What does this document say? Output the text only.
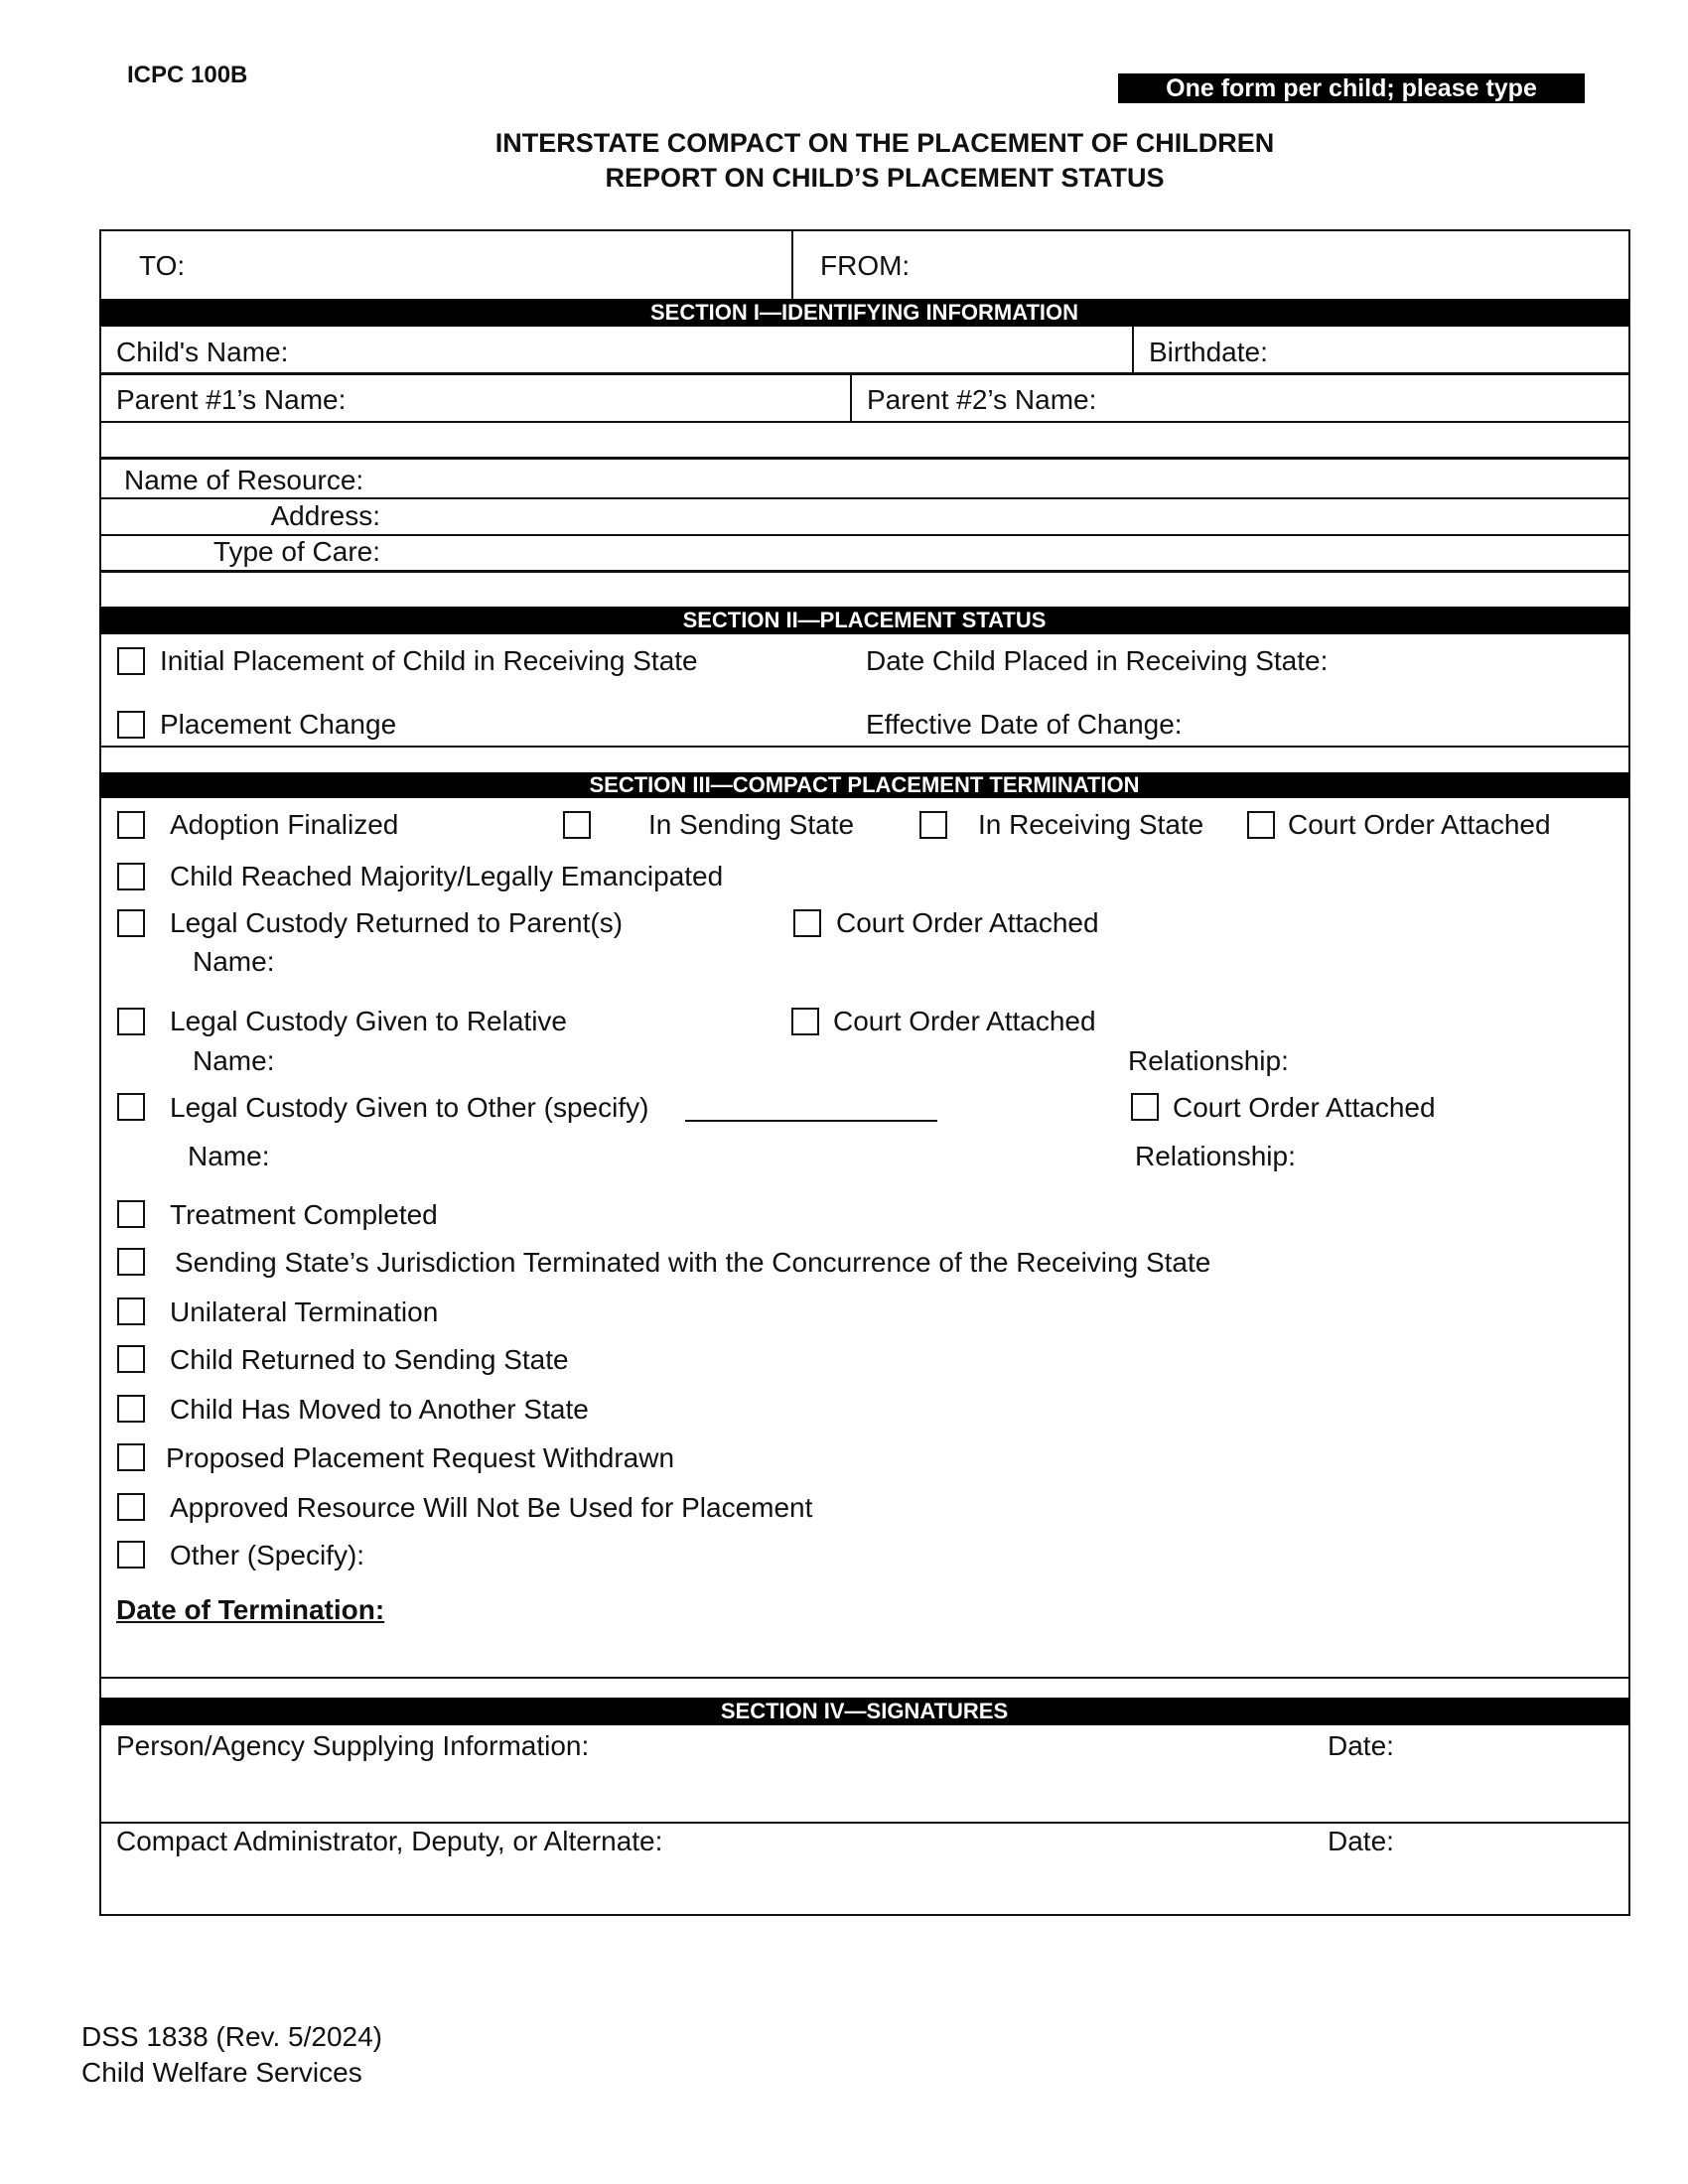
ICPC 100B	One form per child; please type
INTERSTATE COMPACT ON THE PLACEMENT OF CHILDREN
REPORT ON CHILD’S PLACEMENT STATUS
TO:	FROM:
SECTION I—IDENTIFYING INFORMATION
Child's Name:	Birthdate:
Parent #1’s Name:	Parent #2’s Name:
Name of Resource:
Address:
Type of Care:
SECTION II—PLACEMENT STATUS
Initial Placement of Child in Receiving State	Date Child Placed in Receiving State:
Placement Change	Effective Date of Change:
SECTION III—COMPACT PLACEMENT TERMINATION
Adoption Finalized	In Sending State	In Receiving State	Court Order Attached
Child Reached Majority/Legally Emancipated
Legal Custody Returned to Parent(s)	Court Order Attached
Name:
Legal Custody Given to Relative	Court Order Attached
Name:	Relationship:
Legal Custody Given to Other (specify)	Court Order Attached
Name:	Relationship:
Treatment Completed
Sending State’s Jurisdiction Terminated with the Concurrence of the Receiving State
Unilateral Termination
Child Returned to Sending State
Child Has Moved to Another State
Proposed Placement Request Withdrawn
Approved Resource Will Not Be Used for Placement
Other (Specify):
Date of Termination:
SECTION IV—SIGNATURES
Person/Agency Supplying Information:	Date:
Compact Administrator, Deputy, or Alternate:	Date:
DSS 1838 (Rev. 5/2024)
Child Welfare Services
